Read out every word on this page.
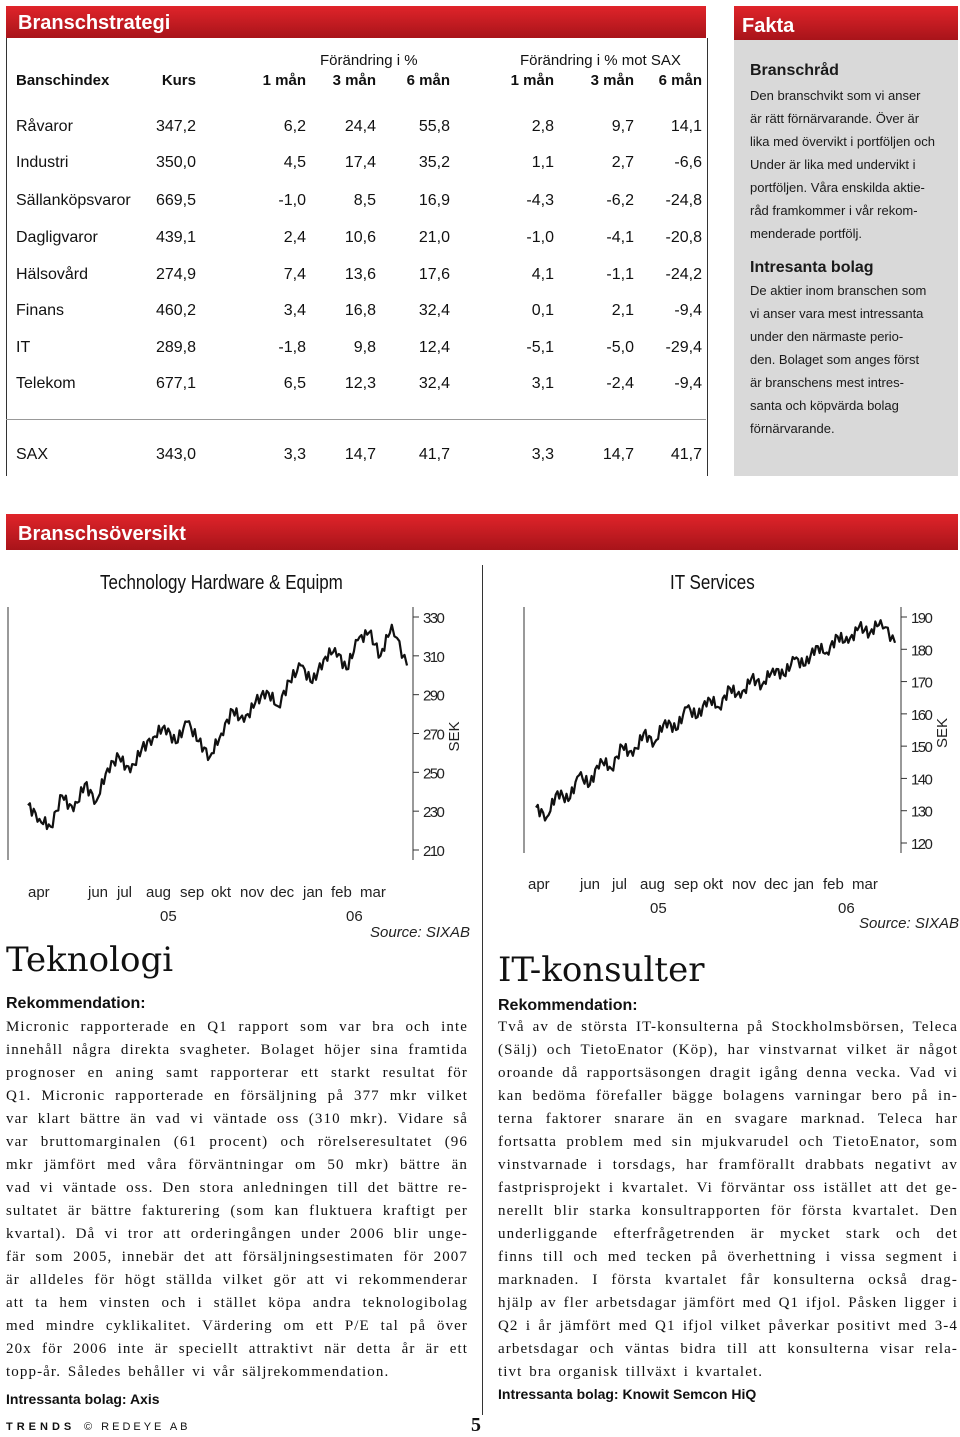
Branschstrategi
Förändring i %	Förändring i % mot SAX
Banschindex	Kurs	1 mån 3 mån 6 mån	1 mån 3 mån 6 mån
Råvaror	347,2	6,2 24,4	55,8	2,8	9,7 14,1
Industri	350,0	4,5 17,4	35,2	1,1	2,7	-6,6
Sällanköpsvaror 669,5	-1,0	8,5	16,9	-4,3	-6,2 -24,8
Dagligvaror	439,1	2,4 10,6	21,0	-1,0	-4,1 -20,8
Hälsovård	274,9	7,4 13,6	17,6	4,1	-1,1 -24,2
Finans	460,2	3,4 16,8	32,4	0,1	2,1	-9,4
IT	289,8	-1,8	9,8	12,4	-5,1	-5,0 -29,4
Telekom	677,1	6,5 12,3	32,4	3,1	-2,4	-9,4
SAX	343,0	3,3 14,7	41,7	3,3	14,7 41,7
Fakta
Branschråd

Den branschvikt som vi anser

är rätt förnärvarande. Över är

lika med övervikt i portföljen och

Under är lika med undervikt i

portföljen. Våra enskilda aktie-

råd framkommer i vår rekom-

menderade portfölj.

Intresanta bolag

De aktier inom branschen som

vi anser vara mest intressanta

under den närmaste perio-

den. Bolaget som anges först

är branschens mest intres-

santa och köpvärda bolag

förnärvarande.

Branschsöversikt
Technology Hardware & Equipm
330
310
290
270
250
230
210
SEK
apr	jun jul aug sep okt nov dec jan feb mar
05	06
Source: SIXAB
IT Services
190
180
170
160
150
140
130
120
SEK
apr jun jul aug sep okt nov dec jan feb mar
05	06
Source: SIXAB
Teknologi
Rekommendation:
Micronic rapporterade en Q1 rapport som var bra och inte
innehåll några direkta svagheter. Bolaget höjer sina framtida
prognoser en aning samt rapporterar ett starkt resultat för
Q1. Micronic rapporterade en försäljning på 377 mkr vilket
var klart bättre än vad vi väntade oss (310 mkr). Vidare så
var bruttomarginalen (61 procent) och rörelseresultatet (96
mkr jämfört med våra förväntningar om 50 mkr) bättre än
vad vi väntade oss. Den stora anledningen till det bättre re-
sultatet är bättre fakturering (som kan fluktuera kraftigt per
kvartal). Då vi tror att orderingången under 2006 blir unge-
fär som 2005, innebär det att försäljningsestimaten för 2007
är alldeles för högt ställda vilket gör att vi rekommenderar
att ta hem vinsten och i stället köpa andra teknologibolag
med mindre cyklikalitet. Värdering om ett P/E tal på över
20x för 2006 inte är speciellt attraktivt när detta år är ett
topp-år. Således behåller vi vår säljrekommendation.
Intressanta bolag: Axis
IT-konsulter
Rekommendation:
Två av de största IT-konsulterna på Stockholmsbörsen, Teleca
(Sälj) och TietoEnator (Köp), har vinstvarnat vilket är något
oroande då rapportsäsongen dragit igång denna vecka. Vad vi
kan bedöma förefaller bägge bolagens varningar bero på in-
terna faktorer snarare än en svagare marknad. Teleca har
fortsatta problem med sin mjukvarudel och TietoEnator, som
vinstvarnade i torsdags, har framförallt drabbats negativt av
fastprisprojekt i kvartalet. Vi förväntar oss istället att det ge-
nerellt blir starka konsultrapporten för första kvartalet. Den
underliggande efterfrågetrenden är mycket stark och det
finns till och med tecken på överhettning i vissa segment i
marknaden. I första kvartalet får konsulterna också drag-
hjälp av fler arbetsdagar jämfört med Q1 ifjol. Påsken ligger i
Q2 i år jämfört med Q1 ifjol vilket påverkar positivt med 3-4
arbetsdagar och väntas bidra till att konsulterna visar rela-
tivt bra organisk tillväxt i kvartalet.
Intressanta bolag: Knowit Semcon HiQ
TRENDS © REDEYE AB	5
